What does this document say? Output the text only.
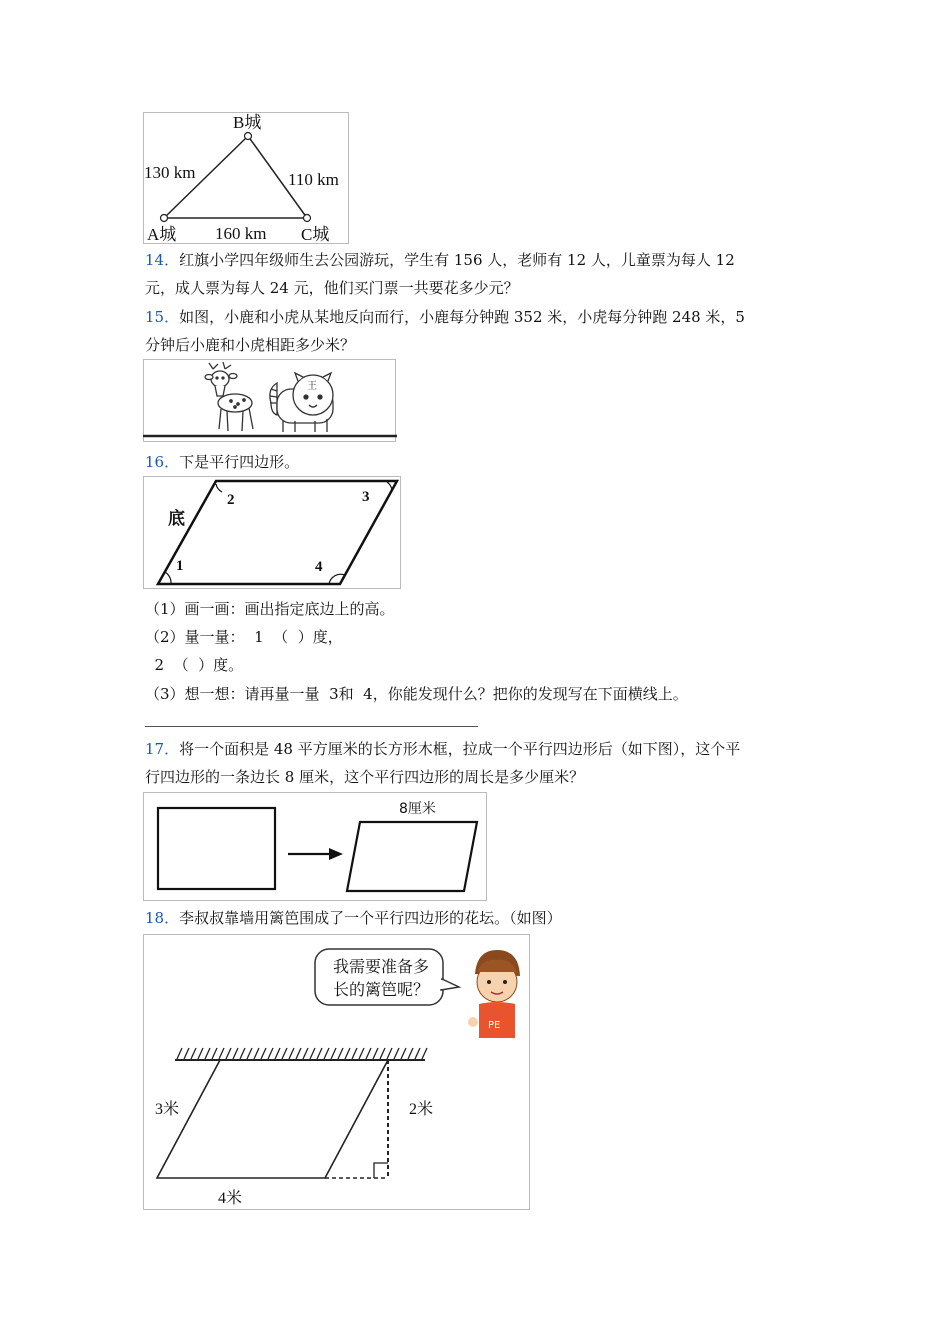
B城
A城	C城
130 km	110 km
160 km
14．红旗小学四年级师生去公园游玩，学生有 156 人，老师有 12 人，儿童票为每人 12
元，成人票为每人 24 元，他们买门票一共要花多少元？
15．如图，小鹿和小虎从某地反向而行，小鹿每分钟跑 352 米，小虎每分钟跑 248 米，5
分钟后小鹿和小虎相距多少米？
王
16．下是平行四边形。
底
1
2	3
4
（1）画一画：画出指定底边上的高。
（2）量一量：  1  （  ）度，
2  （  ）度。
（3）想一想：请再量一量  3和  4，你能发现什么？把你的发现写在下面横线上。
17．将一个面积是 48 平方厘米的长方形木框，拉成一个平行四边形后（如下图），这个平
行四边形的一条边长 8 厘米，这个平行四边形的周长是多少厘米？
8厘米
18．李叔叔靠墙用篱笆围成了一个平行四边形的花坛。（如图）
我需要准备多
长的篱笆呢？
PE
3米	2米
4米
